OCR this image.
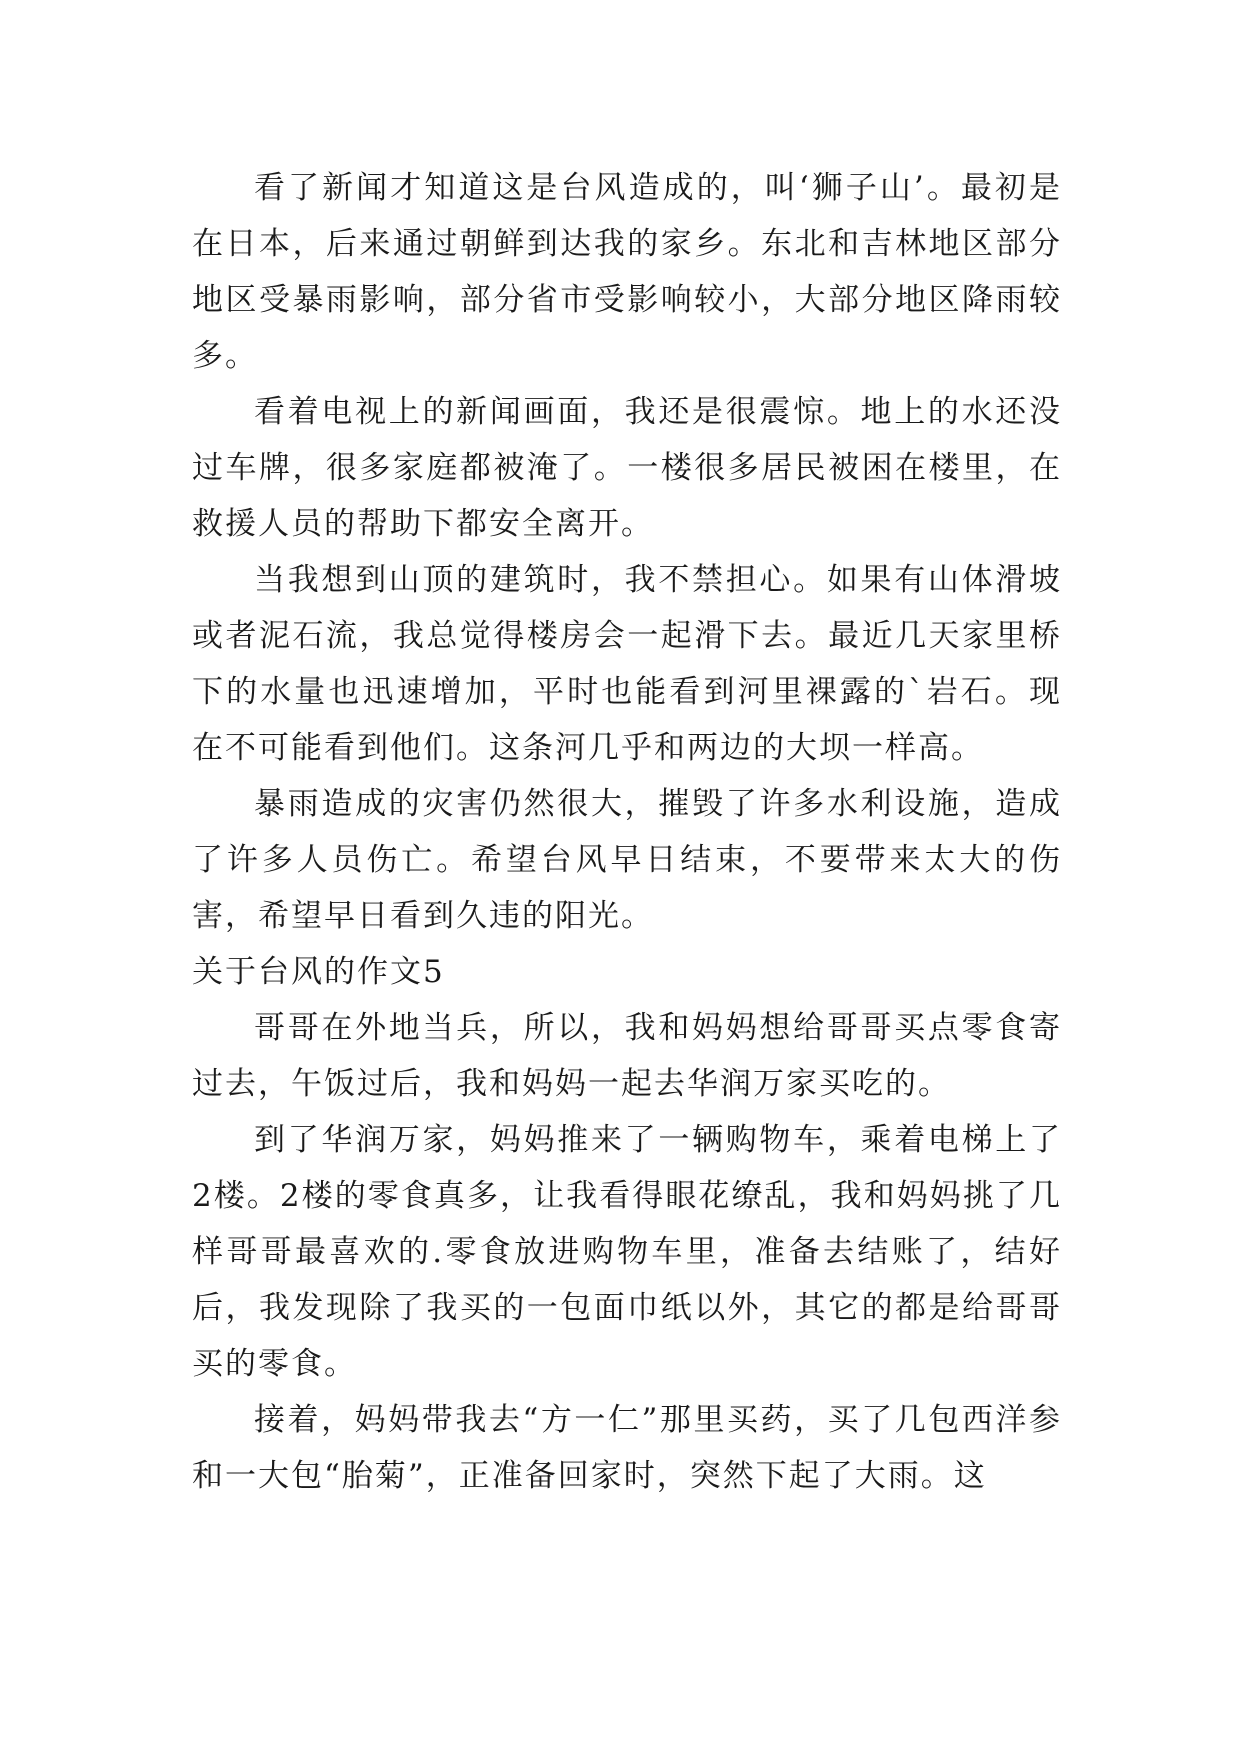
看了新闻才知道这是台风造成的，叫‘狮子山’。最初是在日本，后来通过朝鲜到达我的家乡。东北和吉林地区部分地区受暴雨影响，部分省市受影响较小，大部分地区降雨较多。

看着电视上的新闻画面，我还是很震惊。地上的水还没过车牌，很多家庭都被淹了。一楼很多居民被困在楼里，在救援人员的帮助下都安全离开。

当我想到山顶的建筑时，我不禁担心。如果有山体滑坡或者泥石流，我总觉得楼房会一起滑下去。最近几天家里桥下的水量也迅速增加，平时也能看到河里裸露的`岩石。现在不可能看到他们。这条河几乎和两边的大坝一样高。

暴雨造成的灾害仍然很大，摧毁了许多水利设施，造成了许多人员伤亡。希望台风早日结束，不要带来太大的伤害，希望早日看到久违的阳光。

关于台风的作文5

哥哥在外地当兵，所以，我和妈妈想给哥哥买点零食寄过去，午饭过后，我和妈妈一起去华润万家买吃的。

到了华润万家，妈妈推来了一辆购物车，乘着电梯上了2楼。2楼的零食真多，让我看得眼花缭乱，我和妈妈挑了几样哥哥最喜欢的.零食放进购物车里，准备去结账了，结好后，我发现除了我买的一包面巾纸以外，其它的都是给哥哥买的零食。

接着，妈妈带我去“方一仁”那里买药，买了几包西洋参和一大包“胎菊”，正准备回家时，突然下起了大雨。这
